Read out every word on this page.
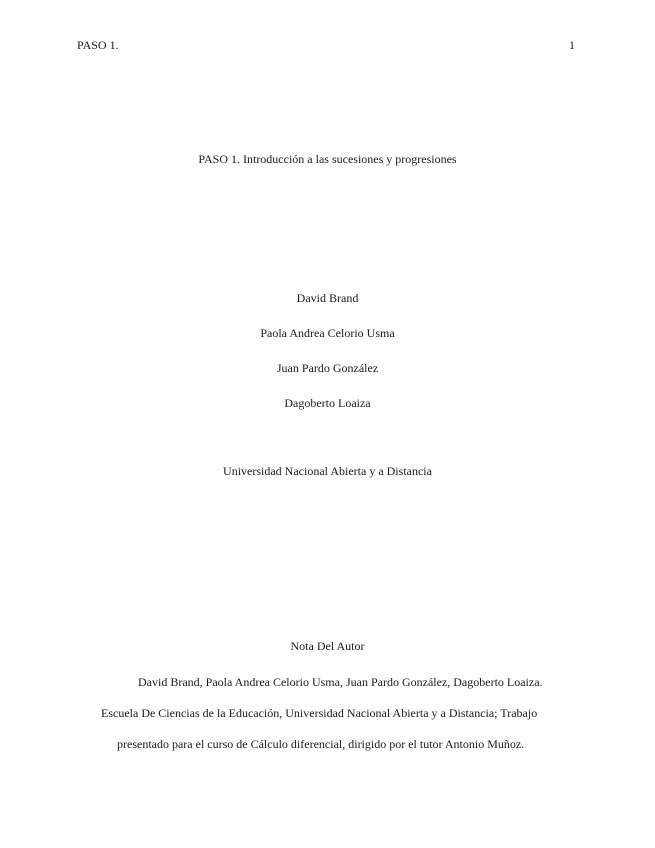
PASO 1.	1
PASO 1. Introducción a las sucesiones y progresiones
David Brand
Paola Andrea Celorio Usma
Juan Pardo González
Dagoberto Loaiza
Universidad Nacional Abierta y a Distancia
Nota Del Autor
David Brand, Paola Andrea Celorio Usma, Juan Pardo González, Dagoberto Loaiza.
Escuela De Ciencias de la Educación, Universidad Nacional Abierta y a Distancia; Trabajo
presentado para el curso de Cálculo diferencial, dirigido por el tutor Antonio Muñoz.
